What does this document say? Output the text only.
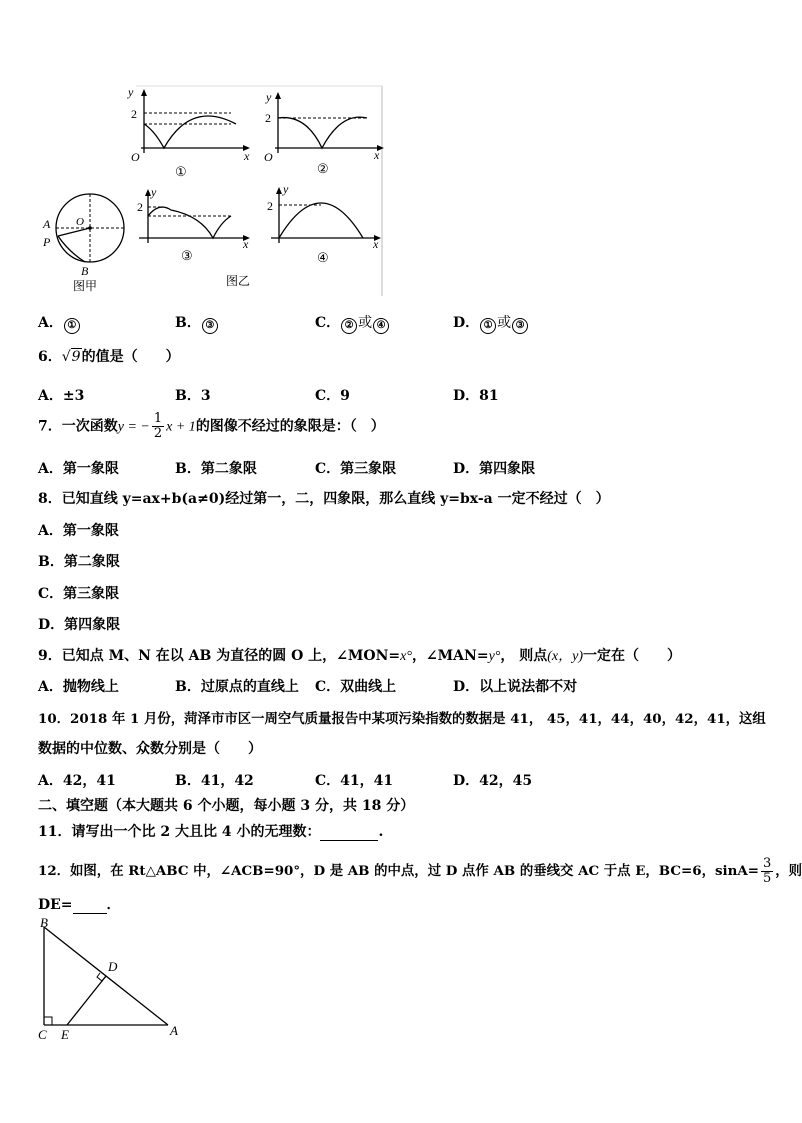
y
2
O	x
①
y
2
O	x
②
A O
P
B
图甲
y
2
x
③
图乙
y
2
x
④
A． ①	B． ③	C． ② 或 ④	D． ① 或 ③
6．√9的值是（　　）
A．±3	B．3	C．9	D．81
7．一次函数y = − $\frac{1}{2}$ x + 1的图像不经过的象限是：（　）
A．第一象限	B．第二象限	C．第三象限	D．第四象限
8．已知直线 y=ax+b(a≠0)经过第一，二，四象限，那么直线 y=bx-a 一定不经过（　）
A．第一象限
B．第二象限
C．第三象限
D．第四象限
9．已知点 M、N 在以 AB 为直径的圆 O 上，∠MON=x°，∠MAN=y°， 则点(x，y)一定在（　　）
A．抛物线上	B．过原点的直线上 C．双曲线上	D．以上说法都不对
10．2018 年 1 月份，菏泽市市区一周空气质量报告中某项污染指数的数据是 41， 45，41，44，40，42，41，这组
数据的中位数、众数分别是（　　）
A．42，41	B．41，42	C．41，41	D．42，45
二、填空题（本大题共 6 个小题，每小题 3 分，共 18 分）
11．请写出一个比 2 大且比 4 小的无理数：	.
12．如图，在 Rt△ABC 中，∠ACB=90°，D 是 AB 的中点，过 D 点作 AB 的垂线交 AC 于点 E，BC=6，$\sin A= \frac{3}{5}$ ，则
DE= ．
B
D
C E	A
